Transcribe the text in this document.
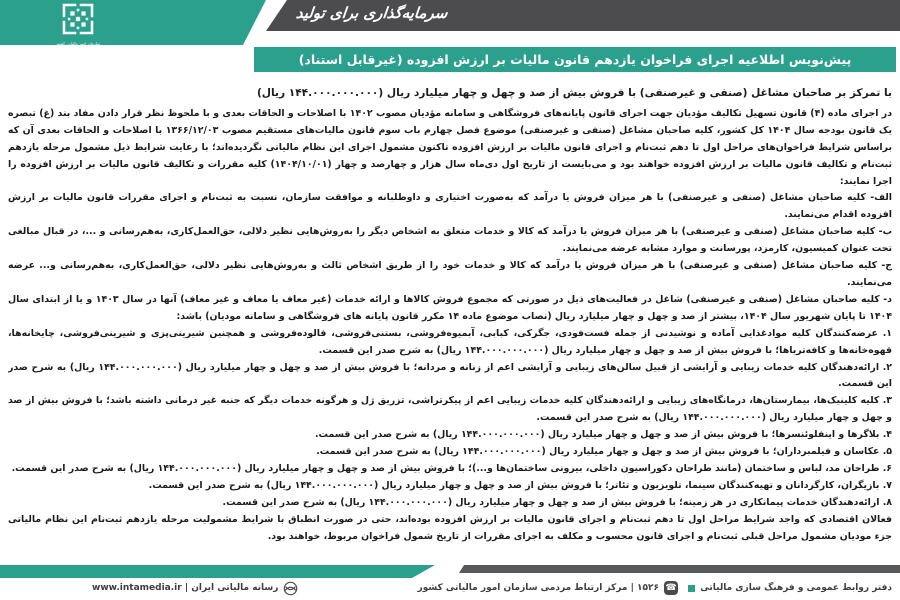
سرمایه‌گذاری برای تولید
سازمان امور مالیاتی کشور
پیش‌نویس اطلاعیه اجرای فراخوان یازدهم قانون مالیات بر ارزش افزوده (غیرقابل استناد)

با تمرکز بر صاحبان مشاغل (صنفی و غیرصنفی) با فروش بیش از صد و چهل و چهار میلیارد ریال (۱۴۴.۰۰۰.۰۰۰.۰۰۰ ریال)

در اجرای ماده (۴) قانون تسهیل تکالیف مؤدیان جهت اجرای قانون پایانه‌های فروشگاهی و سامانه مؤدیان مصوب ۱۴۰۲ با اصلاحات و الحاقات بعدی و با ملحوظ نظر قرار دادن مفاد بند (غ) تبصره یک قانون بودجه سال ۱۴۰۴ کل کشور، کلیه صاحبان مشاغل (صنفی و غیرصنفی) موضوع فصل چهارم باب سوم قانون مالیات‌های مستقیم مصوب ۱۳۶۶/۱۲/۰۳ با اصلاحات و الحاقات بعدی آن که براساس شرایط فراخوان‌های مراحل اول تا دهم ثبت‌نام و اجرای قانون مالیات بر ارزش افزوده تاکنون مشمول اجرای این نظام مالیاتی نگردیده‌اند؛ با رعایت شرایط ذیل مشمول مرحله یازدهم ثبت‌نام و تکالیف قانون مالیات بر ارزش افزوده خواهند بود و می‌بایست از تاریخ اول دی‌ماه سال هزار و چهارصد و چهار (۱۴۰۴/۱۰/۰۱) کلیه مقررات و تکالیف قانون مالیات بر ارزش افزوده را اجرا نمایند:

الف- کلیه صاحبان مشاغل (صنفی و غیرصنفی) با هر میزان فروش یا درآمد که به‌صورت اختیاری و داوطلبانه و موافقت سازمان، نسبت به ثبت‌نام و اجرای مقررات قانون مالیات بر ارزش افزوده اقدام می‌نمایند.

ب- کلیه صاحبان مشاغل (صنفی و غیرصنفی) با هر میزان فروش یا درآمد که کالا و خدمات متعلق به اشخاص دیگر را به‌روش‌هایی نظیر دلالی، حق‌العمل‌کاری، به‌هم‌رسانی و ...، در قبال مبالغی تحت عنوان کمیسیون، کارمزد، پورسانت و موارد مشابه عرضه می‌نمایند.

ج- کلیه صاحبان مشاغل (صنفی و غیرصنفی) با هر میزان فروش یا درآمد که کالا و خدمات خود را از طریق اشخاص ثالث و به‌روش‌هایی نظیر دلالی، حق‌العمل‌کاری، به‌هم‌رسانی و... عرضه می‌نمایند.

د- کلیه صاحبان مشاغل (صنفی و غیرصنفی) شاغل در فعالیت‌های ذیل در صورتی که مجموع فروش کالاها و ارائه خدمات (غیر معاف یا معاف و غیر معاف) آنها در سال ۱۴۰۳ و یا از ابتدای سال ۱۴۰۴ تا پایان شهریور سال ۱۴۰۴، بیشتر از صد و چهل و چهار میلیارد ریال (نصاب موضوع ماده ۱۴ مکرر قانون پایانه های فروشگاهی و سامانه مودیان) باشد:

۱. عرضه‌کنندگان کلیه موادغذایی آماده و نوشیدنی از جمله فست‌فودی، جگرکی، کبابی، آبمیوه‌فروشی، بستنی‌فروشی، فالوده‌فروشی و همچنین شیرینی‌پزی و شیرینی‌فروشی، چایخانه‌ها، قهوه‌خانه‌ها و کافه‌تریاها؛ با فروش بیش از صد و چهل و چهار میلیارد ریال (۱۴۴.۰۰۰.۰۰۰.۰۰۰ ریال) به شرح صدر این قسمت.

۲. ارائه‌دهندگان کلیه خدمات زیبایی و آرایشی از قبیل سالن‌های زیبایی و آرایشی اعم از زنانه و مردانه؛ با فروش بیش از صد و چهل و چهار میلیارد ریال (۱۴۴.۰۰۰.۰۰۰.۰۰۰ ریال) به شرح صدر این قسمت.

۳. کلیه کلینیک‌ها، بیمارستان‌ها، درمانگاه‌های زیبایی و ارائه‌دهندگان کلیه خدمات زیبایی اعم از پیکرتراشی، تزریق ژل و هرگونه خدمات دیگر که جنبه غیر درمانی داشته باشد؛ با فروش بیش از صد و چهل و چهار میلیارد ریال (۱۴۴.۰۰۰.۰۰۰.۰۰۰ ریال) به شرح صدر این قسمت.

۴. بلاگرها و اینفلوئنسرها؛ با فروش بیش از صد و چهل و چهار میلیارد ریال (۱۴۴.۰۰۰.۰۰۰.۰۰۰ ریال) به شرح صدر این قسمت.

۵. عکاسان و فیلمبرداران؛ با فروش بیش از صد و چهل و چهار میلیارد ریال (۱۴۴.۰۰۰.۰۰۰.۰۰۰ ریال) به شرح صدر این قسمت.

۶. طراحان مد، لباس و ساختمان (مانند طراحان دکوراسیون داخلی، بیرونی ساختمان‌ها و...)؛ با فروش بیش از صد و چهل و چهار میلیارد ریال (۱۴۴.۰۰۰.۰۰۰.۰۰۰ ریال) به شرح صدر این قسمت.

۷. بازیگران، کارگردانان و تهیه‌کنندگان سینما، تلویزیون و تئاتر؛ با فروش بیش از صد و چهل و چهار میلیارد ریال (۱۴۴.۰۰۰.۰۰۰.۰۰۰ ریال) به شرح صدر این قسمت.

۸. ارائه‌دهندگان خدمات پیمانکاری در هر زمینه؛ با فروش بیش از صد و چهل و چهار میلیارد ریال (۱۴۴.۰۰۰.۰۰۰.۰۰۰ ریال) به شرح صدر این قسمت.

فعالان اقتصادی که واجد شرایط مراحل اول تا دهم ثبت‌نام و اجرای قانون مالیات بر ارزش افزوده بوده‌اند، حتی در صورت انطباق با شرایط مشمولیت مرحله یازدهم ثبت‌نام این نظام مالیاتی جزء مودیان مشمول مراحل قبلی ثبت‌نام و اجرای قانون محسوب و مکلف به اجرای مقررات از تاریخ شمول فراخوان مربوط، خواهند بود.

دفتر روابط عمومی و فرهنگ سازی مالیاتی
☎
۱۵۲۶ | مرکز ارتباط مردمی سازمان امور مالیاتی کشور
رسانه مالیاتی ایران | www.intamedia.ir
